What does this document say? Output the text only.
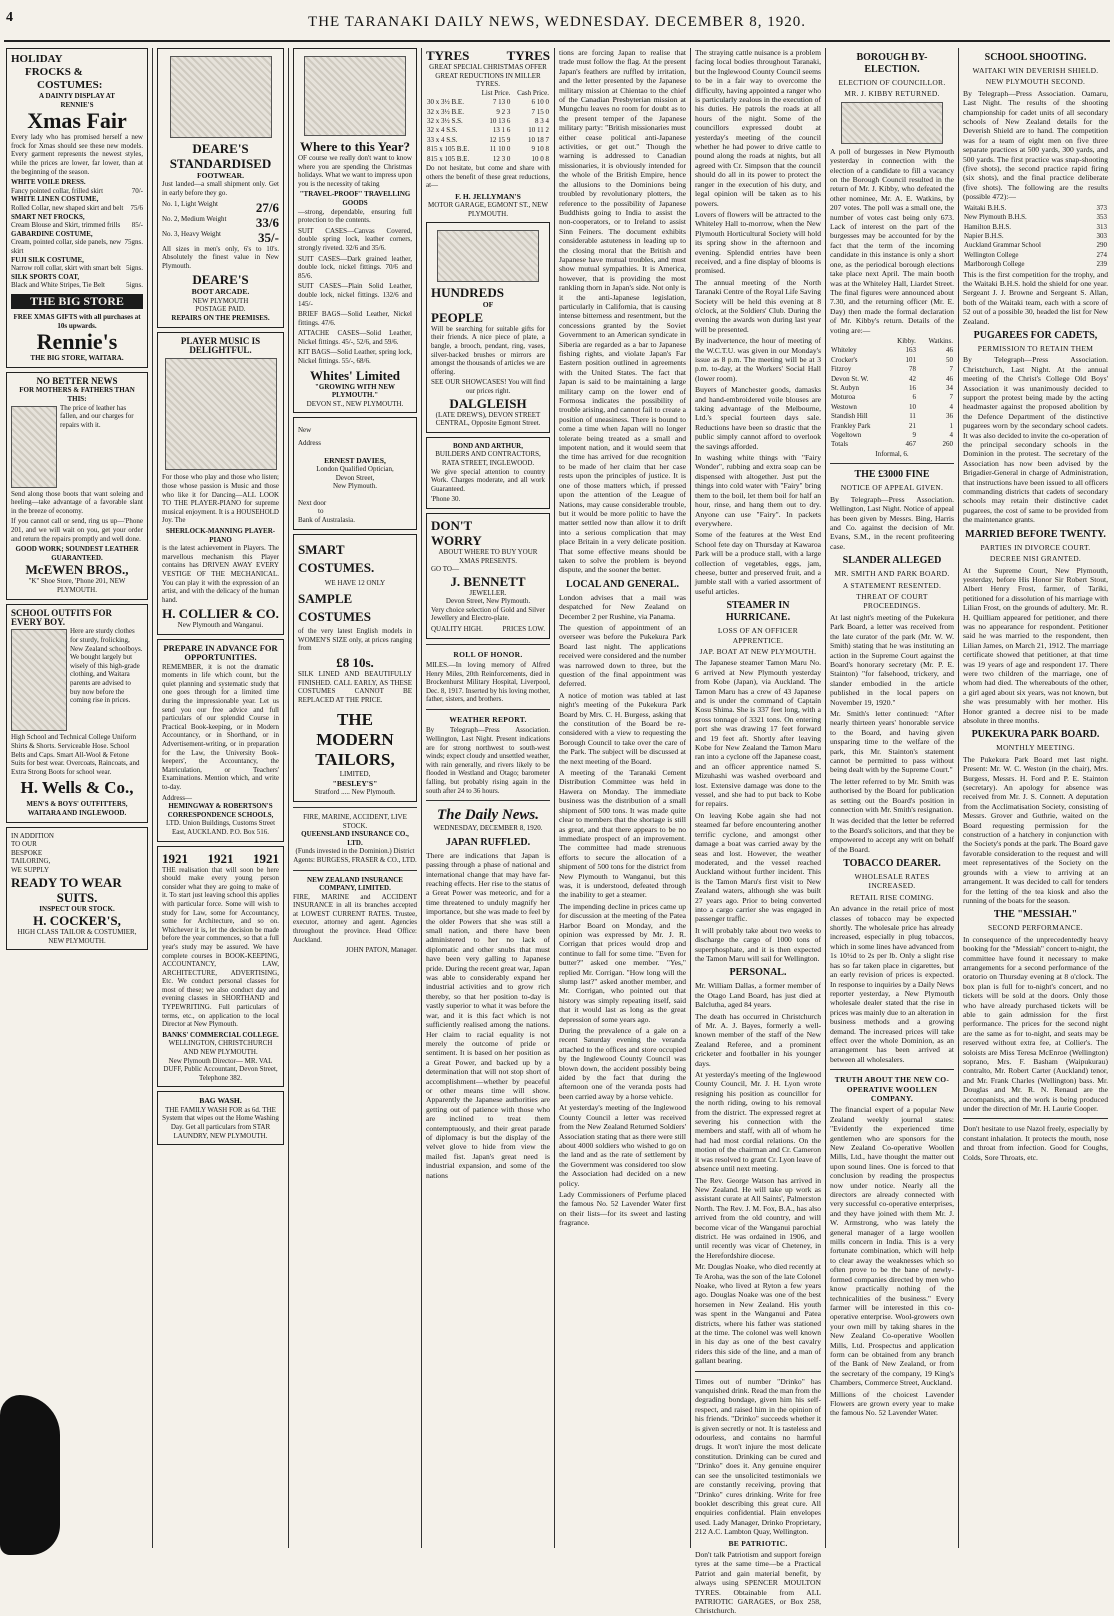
4	THE TARANAKI DAILY NEWS, WEDNESDAY. DECEMBER 8, 1920.
HOLIDAY
FROCKS &
COSTUMES:
A DAINTY DISPLAY AT
RENNIE'S
Xmas Fair
Every lady who has promised herself a new frock for Xmas should see these new models. Every garment represents the newest styles, while the prices are lower, far lower, than at the beginning of the season.
WHITE VOILE DRESS.
Fancy pointed collar, frilled skirt	70/-
WHITE LINEN COSTUME,
Rolled Collar, new shaped skirt and belt 75/6
SMART NET FROCKS,
Cream Blouse and Skirt, trimmed frills 85/-
GABARDINE COSTUME,
Cream, pointed collar, side panels, new skirt
75gns.
FUJI SILK COSTUME,
Narrow roll collar, skirt with smart belt 5igns.
SILK SPORTS COAT,
Black and White Stripes, Tie Belt	5igns.
THE BIG STORE
FREE XMAS GIFTS with all purchases at 10s upwards.
Rennie's
THE BIG STORE, WAITARA.
NO BETTER NEWS
FOR MOTHERS & FATHERS THAN THIS:
The price of leather has fallen, and our charges for repairs with it.
Send along those boots that want soleing and heeling—take advantage of a favorable slant in the breeze of economy.
If you cannot call or send, ring us up—'Phone 201, and we will wait on you, get your order and return the repairs promptly and well done.
GOOD WORK; SOUNDEST LEATHER GUARANTEED.
McEWEN BROS.,
"K" Shoe Store, 'Phone 201, NEW PLYMOUTH.
SCHOOL OUTFITS FOR EVERY BOY.
Here are sturdy clothes for sturdy, frolicking, New Zealand schoolboys. We bought largely but wisely of this high-grade clothing, and Waitara parents are advised to buy now before the coming rise in prices.
High School and Technical College Uniform Shirts & Shorts. Serviceable Hose. School Belts and Caps. Smart All-Wool & Fetone Suits for best wear. Overcoats, Raincoats, and Extra Strong Boots for school wear.
H. Wells & Co.,
MEN'S & BOYS' OUTFITTERS, WAITARA AND INGLEWOOD.
IN ADDITION
TO OUR
BESPOKE
TAILORING,
WE SUPPLY
READY TO WEAR
SUITS.
INSPECT OUR STOCK.
H. COCKER'S,
HIGH CLASS TAILOR & COSTUMIER, NEW PLYMOUTH.
DEARE'S
STANDARDISED
FOOTWEAR.
Just landed—a small shipment only. Get in early before they go.
No. 1, Light Weight	27/6
No. 2, Medium Weight 33/6
No. 3, Heavy Weight	35/-
All sizes in men's only, 6's to 10's. Absolutely the finest value in New Plymouth.
DEARE'S
BOOT ARCADE.
NEW PLYMOUTH
POSTAGE PAID.
REPAIRS ON THE PREMISES.
PLAYER MUSIC IS DELIGHTFUL.
For those who play and those who listen; those whose passion is Music and those who like it for Dancing—ALL LOOK TO THE PLAYER-PIANO for supreme musical enjoyment. It is a HOUSEHOLD Joy. The
SHERLOCK-MANNING PLAYER-PIANO
is the latest achievement in Players. The marvellous mechanism this Player contains has DRIVEN AWAY EVERY VESTIGE OF THE MECHANICAL. You can play it with the expression of an artist, and with the delicacy of the human hand.
H. COLLIER & CO.
New Plymouth and Wanganui.
PREPARE IN ADVANCE FOR OPPORTUNITIES.
REMEMBER, it is not the dramatic moments in life which count, but the quiet planning and systematic study that one goes through for a limited time during the impressionable year. Let us send you our free advice and full particulars of our splendid Course in Practical Book-keeping, or in Modern Accountancy, or in Shorthand, or in Advertisement-writing, or in preparation for the Law, the University Book-keepers', the Accountancy, the Matriculation, or Teachers' Examinations. Mention which, and write to-day.
Address—
HEMINGWAY & ROBERTSON'S CORRESPONDENCE SCHOOLS,
LTD. Union Buildings, Customs Street East, AUCKLAND. P.O. Box 516.
1921 1921 1921
THE realisation that will soon be here should make every young person consider what they are going to make of it. To start just leaving school this applies with particular force. Some will wish to study for Law, some for Accountancy, some for Architecture, and so on. Whichever it is, let the decision be made before the year commences, so that a full year's study may be assured. We have complete courses in BOOK-KEEPING, ACCOUNTANCY, LAW, ARCHITECTURE, ADVERTISING, Etc. We conduct personal classes for most of these; we also conduct day and evening classes in SHORTHAND and TYPEWRITING. Full particulars of terms, etc., on application to the local Director at New Plymouth.
BANKS' COMMERCIAL COLLEGE.
WELLINGTON, CHRISTCHURCH AND NEW PLYMOUTH.
New Plymouth Director— MR. VAL DUFF, Public Accountant, Devon Street, Telephone 382.
BAG WASH.
THE FAMILY WASH FOR as 6d. THE System that wipes out the Home Washing Day. Get all particulars from STAR LAUNDRY, NEW PLYMOUTH.
Where to this Year?
OF course we really don't want to know where you are spending the Christmas holidays. What we want to impress upon you is the necessity of taking
"TRAVEL-PROOF" TRAVELLING GOODS
—strong, dependable, ensuring full protection to the contents.
SUIT CASES—Canvas Covered, double spring lock, leather corners, strongly riveted. 32/6 and 35/6.
SUIT CASES—Dark grained leather, double lock, nickel fittings. 70/6 and 85/6.
SUIT CASES—Plain Solid Leather, double lock, nickel fittings. 132/6 and 145/-
BRIEF BAGS—Solid Leather, Nickel fittings. 47/6.
ATTACHE CASES—Solid Leather, Nickel fittings. 45/-, 52/6, and 59/6.
KIT BAGS—Solid Leather, spring lock, Nickel fittings. 55/-, 68/6.
Whites' Limited
"GROWING WITH NEW PLYMOUTH."
DEVON ST., NEW PLYMOUTH.
New
Address
ERNEST DAVIES,
London Qualified Optician,
Devon Street,
New Plymouth.
Next door
to
Bank of Australasia.
SMART
COSTUMES.
WE HAVE 12 ONLY
SAMPLE
COSTUMES
of the very latest English models in WOMEN'S SIZE only, at prices ranging from
£8 10s.
SILK LINED AND BEAUTIFULLY FINISHED. CALL EARLY, AS THESE COSTUMES CANNOT BE REPLACED AT THE PRICE.
THE MODERN TAILORS,
LIMITED,
"BESLEY'S"
Stratford ..... New Plymouth.
FIRE, MARINE, ACCIDENT, LIVE STOCK.
QUEENSLAND INSURANCE CO., LTD.
(Funds invested in the Dominion.) District Agents: BURGESS, FRASER & CO., LTD.
NEW ZEALAND INSURANCE COMPANY, LIMITED.
FIRE, MARINE and ACCIDENT INSURANCE in all its branches accepted at LOWEST CURRENT RATES. Trustee, executor, attorney and agent. Agencies throughout the province. Head Office: Auckland.
JOHN PATON, Manager.
TYRES	TYRES
GREAT SPECIAL CHRISTMAS OFFER GREAT REDUCTIONS IN MILLER TYRES.
	List Price.	Cash Price.
30 x 3½ B.E.	7 13 0	6 10 0
32 x 3½ B.E.	9 2 3	7 15 0
32 x 3½ S.S.	10 13 6	8 3 4
32 x 4 S.S.	13 1 6	10 11 2
33 x 4 S.S.	12 15 9	10 18 7
815 x 105 B.E.	11 10 0	9 10 8
815 x 105 B.E.	12 3 0	10 0 8
Do not hesitate, but come and share with others the benefit of these great reductions, at—
F. H. JELLYMAN'S
MOTOR GARAGE, EGMONT ST., NEW PLYMOUTH.
HUNDREDS
OF
PEOPLE
Will be searching for suitable gifts for their friends. A nice piece of plate, a bangle, a brooch, pendant, ring, vases, silver-backed brushes or mirrors are amongst the thousands of articles we are offering.
SEE OUR SHOWCASES! You will find our prices right.
DALGLEISH
(LATE DREW'S), DEVON STREET CENTRAL, Opposite Egmont Street.
BOND AND ARTHUR,
BUILDERS AND CONTRACTORS, RATA STREET, INGLEWOOD.
We give special attention to country Work. Charges moderate, and all work Guaranteed.
'Phone 30.
DON'T
WORRY
ABOUT WHERE TO BUY YOUR XMAS PRESENTS.
GO TO—
J. BENNETT
JEWELLER.
Devon Street, New Plymouth.
Very choice selection of Gold and Silver Jewellery and Electro-plate.
QUALITY HIGH.	PRICES LOW.
ROLL OF HONOR.
MILES.—In loving memory of Alfred Henry Miles, 20th Reinforcements, died in Brockenhurst Military Hospital, Liverpool, Dec. 8, 1917. Inserted by his loving mother, father, sisters, and brothers.
WEATHER REPORT.
By Telegraph—Press Association. Wellington, Last Night. Present indications are for strong northwest to south-west winds; expect cloudy and unsettled weather, with rain generally, and rivers likely to be flooded in Westland and Otago; barometer falling, but probably rising again in the south after 24 to 36 hours.
The Daily News.
WEDNESDAY, DECEMBER 8, 1920.
JAPAN RUFFLED.
There are indications that Japan is passing through a phase of national and international change that may have far-reaching effects. Her rise to the status of a Great Power was meteoric, and for a time threatened to unduly magnify her importance, but she was made to feel by the older Powers that she was still a small nation, and there have been administered to her no lack of diplomatic and other snubs that must have been very galling to Japanese pride. During the recent great war, Japan was able to considerably expand her industrial activities and to grow rich thereby, so that her position to-day is vastly superior to what it was before the war, and it is this fact which is not sufficiently realised among the nations. Her claim to racial equality is not merely the outcome of pride or sentiment. It is based on her position as a Great Power, and backed up by a determination that will not stop short of accomplishment—whether by peaceful or other means time will show. Apparently the Japanese authorities are getting out of patience with those who are inclined to treat them contemptuously, and their great parade of diplomacy is but the display of the velvet glove to hide from view the mailed fist. Japan's great need is industrial expansion, and some of the nations
tions are forcing Japan to realise that trade must follow the flag. At the present Japan's feathers are ruffled by irritation, and the letter presented by the Japanese military mission at Chientao to the chief of the Canadian Presbyterian mission at Mungchu leaves no room for doubt as to the present temper of the Japanese military party: "British missionaries must either cease political anti-Japanese activities, or get out." Though the warning is addressed to Canadian missionaries, it is obviously intended for the whole of the British Empire, hence the allusions to the Dominions being troubled by revolutionary plotters, the reference to the possibility of Japanese Buddhists going to India to assist the non-cooperators, or to Ireland to assist Sinn Feiners. The document exhibits considerable astuteness in leading up to the closing moral that the British and Japanese have mutual troubles, and must show mutual sympathies. It is America, however, that is providing the most rankling thorn in Japan's side. Not only is it the anti-Japanese legislation, particularly in California, that is causing intense bitterness and resentment, but the concessions granted by the Soviet Government to an American syndicate in Siberia are regarded as a bar to Japanese fishing rights, and violate Japan's Far Eastern position outlined in agreements with the United States. The fact that Japan is said to be maintaining a large military camp on the lower end of Formosa indicates the possibility of trouble arising, and cannot fail to create a position of uneasiness. There is bound to come a time when Japan will no longer tolerate being treated as a small and impotent nation, and it would seem that the time has arrived for due recognition to be made of her claim that her case rests upon the principles of justice. It is one of those matters which, if pressed upon the attention of the League of Nations, may cause considerable trouble, but it would be more politic to have the matter settled now than allow it to drift into a serious complication that may place Britain in a very delicate position. That some effective means should be taken to solve the problem is beyond dispute, and the sooner the better.
LOCAL AND GENERAL.
London advises that a mail was despatched for New Zealand on December 2 per Rushine, via Panama.
The question of appointment of an overseer was before the Pukekura Park Board last night. The applications received were considered and the number was narrowed down to three, but the question of the final appointment was deferred.
A notice of motion was tabled at last night's meeting of the Pukekura Park Board by Mrs. C. H. Burgess, asking that the constitution of the Board be re-considered with a view to requesting the Borough Council to take over the care of the Park. The subject will be discussed at the next meeting of the Board.
A meeting of the Taranaki Cement Distribution Committee was held in Hawera on Monday. The immediate business was the distribution of a small shipment of 500 tons. It was made quite clear to members that the shortage is still as great, and that there appears to be no immediate prospect of an improvement. The committee had made strenuous efforts to secure the allocation of a shipment of 500 tons for the district from New Plymouth to Wanganui, but this was, it is understood, defeated through the inability to get a steamer.
The impending decline in prices came up for discussion at the meeting of the Patea Harbor Board on Monday, and the opinion was expressed by Mr. J. R. Corrigan that prices would drop and continue to fall for some time. "Even for butter?" asked one member. "Yes," replied Mr. Corrigan. "How long will the slump last?" asked another member, and Mr. Corrigan, who pointed out that history was simply repeating itself, said that it would last as long as the great depression of some years ago.
During the prevalence of a gale on a recent Saturday evening the veranda attached to the offices and store occupied by the Inglewood County Council was blown down, the accident possibly being aided by the fact that during the afternoon one of the veranda posts had been carried away by a horse vehicle.
At yesterday's meeting of the Inglewood County Council a letter was received from the New Zealand Returned Soldiers' Association stating that as there were still about 4000 soldiers who wished to go on the land and as the rate of settlement by the Government was considered too slow the Association had decided on a new policy.
Lady Commissioners of Perfume placed the famous No. 52 Lavender Water first on their lists—for its sweet and lasting fragrance.
The straying cattle nuisance is a problem facing local bodies throughout Taranaki, but the Inglewood County Council seems to be in a fair way to overcome the difficulty, having appointed a ranger who is particularly zealous in the execution of his duties. He patrols the roads at all hours of the night. Some of the councillors expressed doubt at yesterday's meeting of the council whether he had power to drive cattle to pound along the roads at nights, but all agreed with Cr. Simpson that the council should do all in its power to protect the ranger in the execution of his duty, and legal opinion will be taken as to his powers.
Lovers of flowers will be attracted to the Whiteley Hall to-morrow, when the New Plymouth Horticultural Society will hold its spring show in the afternoon and evening. Splendid entries have been received, and a fine display of blooms is promised.
The annual meeting of the North Taranaki Centre of the Royal Life Saving Society will be held this evening at 8 o'clock, at the Soldiers' Club. During the evening the awards won during last year will be presented.
By inadvertence, the hour of meeting of the W.C.T.U. was given in our Monday's issue as 8 p.m. The meeting will be at 3 p.m. to-day, at the Workers' Social Hall (lower room).
Buyers of Manchester goods, damasks and hand-embroidered voile blouses are taking advantage of the Melbourne, Ltd.'s special fourteen days sale. Reductions have been so drastic that the public simply cannot afford to overlook the savings afforded.
In washing white things with "Fairy Wonder", rubbing and extra soap can be dispensed with altogether. Just put the things into cold water with "Fairy" bring them to the boil, let them boil for half an hour, rinse, and hang them out to dry. Anyone can use "Fairy". In packets everywhere.
Some of the features at the West End School fete day on Thursday at Kawaroa Park will be a produce stall, with a large collection of vegetables, eggs, jam, cheese, butter and preserved fruit, and a jumble stall with a varied assortment of useful articles.
STEAMER IN HURRICANE.
LOSS OF AN OFFICER APPRENTICE.
JAP. BOAT AT NEW PLYMOUTH.
The Japanese steamer Tamon Maru No. 6 arrived at New Plymouth yesterday from Kobe (Japan), via Auckland. The Tamon Maru has a crew of 43 Japanese and is under the command of Captain Kosu Shima. She is 337 feet long, with a gross tonnage of 3321 tons. On entering port she was drawing 17 feet forward and 19 feet aft. Shortly after leaving Kobe for New Zealand the Tamon Maru ran into a cyclone off the Japanese coast, and an officer apprentice named S. Mizuhashi was washed overboard and lost. Extensive damage was done to the vessel, and she had to put back to Kobe for repairs.
On leaving Kobe again she had not steamed far before encountering another terrific cyclone, and amongst other damage a boat was carried away by the seas and lost. However, the weather moderated, and the vessel reached Auckland without further incident. This is the Tamon Maru's first visit to New Zealand waters, although she was built 27 years ago. Prior to being converted into a cargo carrier she was engaged in passenger traffic.
It will probably take about two weeks to discharge the cargo of 1000 tons of superphosphate, and it is then expected the Tamon Maru will sail for Wellington.
PERSONAL.
Mr. William Dallas, a former member of the Otago Land Board, has just died at Balclutha, aged 84 years.
The death has occurred in Christchurch of Mr. A. J. Bayes, formerly a well-known member of the staff of the New Zealand Referee, and a prominent cricketer and footballer in his younger days.
At yesterday's meeting of the Inglewood County Council, Mr. J. H. Lyon wrote resigning his position as councillor for the north riding, owing to his removal from the district. The expressed regret at severing his connection with the members and staff, with all of whom he had had most cordial relations. On the motion of the chairman and Cr. Cameron it was resolved to grant Cr. Lyon leave of absence until next meeting.
The Rev. George Watson has arrived in New Zealand. He will take up work as assistant curate at All Saints', Palmerston North. The Rev. J. M. Fox, B.A., has also arrived from the old country, and will become vicar of the Wanganui parochial district. He was ordained in 1906, and until recently was vicar of Cheteney, in the Herefordshire diocese.
Mr. Douglas Noake, who died recently at Te Aroha, was the son of the late Colonel Noake, who lived at Ryton a few years ago. Douglas Noake was one of the best horsemen in New Zealand. His youth was spent in the Wanganui and Patea districts, where his father was stationed at the time. The colonel was well known in his day as one of the best cavalry riders this side of the line, and a man of gallant bearing.
Times out of number "Drinko" has vanquished drink. Read the man from the degrading bondage, given him his self-respect, and raised him in the opinion of his friends. "Drinko" succeeds whether it is given secretly or not. It is tasteless and odourless, and contains no harmful drugs. It won't injure the most delicate constitution. Drinking can be cured and "Drinko" does it. Any genuine enquirer can see the unsolicited testimonials we are constantly receiving, proving that "Drinko" cures drinking. Write for free booklet describing this great cure. All enquiries confidential. Plain envelopes used. Lady Manager, Drinko Proprietary, 212 A.C. Lambton Quay, Wellington.
BE PATRIOTIC.
Don't talk Patriotism and support foreign tyres at the same time—be a Practical Patriot and gain material benefit, by always using SPENCER MOULTON TYRES. Obtainable from ALL PATRIOTIC GARAGES, or Box 258, Christchurch.
BOROUGH BY-ELECTION.
ELECTION OF COUNCILLOR.
MR. J. KIBBY RETURNED.
A poll of burgesses in New Plymouth yesterday in connection with the election of a candidate to fill a vacancy on the Borough Council resulted in the return of Mr. J. Kibby, who defeated the other nominee, Mr. A. E. Watkins, by 207 votes. The poll was a small one, the number of votes cast being only 673. Lack of interest on the part of the burgesses may be accounted for by the fact that the term of the incoming candidate in this instance is only a short one, as the periodical borough elections take place next April. The main booth was at the Whiteley Hall, Liardet Street. The final figures were announced about 7.30, and the returning officer (Mr. E. Day) then made the formal declaration of Mr. Kibby's return. Details of the voting are:—
	Kibby.	Watkins.
Whiteley	163	46
Crocker's	101	50
Fitzroy	78	7
Devon St. W.	42	46
St. Aubyn	16	34
Moturoa	6	7
Westown	10	4
Standish Hill	11	36
Frankley Park	21	1
Vogeltown	9	4
Totals	467	260
Informal, 6.
THE £3000 FINE
NOTICE OF APPEAL GIVEN.
By Telegraph—Press Association. Wellington, Last Night. Notice of appeal has been given by Messrs. Bing, Harris and Co. against the decision of Mr. Evans, S.M., in the recent profiteering case.
SLANDER ALLEGED
MR. SMITH AND PARK BOARD.
A STATEMENT RESENTED.
THREAT OF COURT PROCEEDINGS.
At last night's meeting of the Pukekura Park Board, a letter was received from the late curator of the park (Mr. W. W. Smith) stating that he was instituting an action in the Supreme Court against the Board's honorary secretary (Mr. P. E. Stainton) "for falsehood, trickery, and slander embodied in the article published in the local papers on November 19, 1920."
Mr. Smith's letter continued: "After nearly thirteen years' honorable service to the Board, and having given unsparing time to the welfare of the park, this Mr. Stainton's statement cannot be permitted to pass without being dealt with by the Supreme Court."
The letter referred to by Mr. Smith was authorised by the Board for publication as setting out the Board's position in connection with Mr. Smith's resignation.
It was decided that the letter be referred to the Board's solicitors, and that they be empowered to accept any writ on behalf of the Board.
TOBACCO DEARER.
WHOLESALE RATES INCREASED.
RETAIL RISE COMING.
An advance in the retail price of most classes of tobacco may be expected shortly. The wholesale price has already increased, especially in plug tobaccos, which in some lines have advanced from 1s 10½d to 2s per lb. Only a slight rise has so far taken place in cigarettes, but an early revision of prices is expected. In response to inquiries by a Daily News reporter yesterday, a New Plymouth wholesale dealer stated that the rise in prices was mainly due to an alteration in business methods and a growing demand. The increased prices will take effect over the whole Dominion, as an arrangement has been arrived at between all wholesalers.
TRUTH ABOUT THE NEW CO-OPERATIVE WOOLLEN COMPANY.
The financial expert of a popular New Zealand weekly journal states: "Evidently the experienced time gentlemen who are sponsors for the New Zealand Co-operative Woollen Mills, Ltd., have thought the matter out upon sound lines. One is forced to that conclusion by reading the prospectus now under notice. Nearly all the directors are already connected with very successful co-operative enterprises, and they have joined with them Mr. J. W. Armstrong, who was lately the general manager of a large woollen mills concern in India. This is a very fortunate combination, which will help to clear away the weaknesses which so often prove to be the bane of newly-formed companies directed by men who know practically nothing of the technicalities of the business." Every farmer will be interested in this co-operative enterprise. Wool-growers own your own mill by taking shares in the New Zealand Co-operative Woollen Mills, Ltd. Prospectus and application form can be obtained from any branch of the Bank of New Zealand, or from the secretary of the company, 19 King's Chambers, Commerce Street, Auckland.
Millions of the choicest Lavender Flowers are grown every year to make the famous No. 52 Lavender Water.
SCHOOL SHOOTING.
WAITAKI WIN DEVERISH SHIELD.
NEW PLYMOUTH SECOND.
By Telegraph—Press Association. Oamaru, Last Night. The results of the shooting championship for cadet units of all secondary schools of New Zealand details for the Deverish Shield are to hand. The competition was for a team of eight men on five three separate practices at 500 yards, 300 yards, and 500 yards. The first practice was snap-shooting (five shots), the second practice rapid firing (six shots), and the final practice deliberate (five shots). The following are the results (possible 472):—
Waitaki B.H.S.	373
New Plymouth B.H.S.	353
Hamilton B.H.S.	313
Napier B.H.S.	303
Auckland Grammar School	290
Wellington College	274
Marlborough College	239
This is the first competition for the trophy, and the Waitaki B.H.S. hold the shield for one year. Sergeant J. J. Browne and Sergeant S. Allan, both of the Waitaki team, each with a score of 52 out of a possible 30, headed the list for New Zealand.
PUGAREES FOR CADETS,
PERMISSION TO RETAIN THEM
By Telegraph—Press Association. Christchurch, Last Night. At the annual meeting of the Christ's College Old Boys' Association it was unanimously decided to support the protest being made by the acting headmaster against the proposed abolition by the Defence Department of the distinctive pugarees worn by the secondary school cadets. It was also decided to invite the co-operation of the principal secondary schools in the Dominion in the protest. The secretary of the Association has now been advised by the Brigadier-General in charge of Administration, that instructions have been issued to all officers commanding districts that cadets of secondary schools may retain their distinctive cadet pugarees, the cost of same to be provided from the maintenance grants.
MARRIED BEFORE TWENTY.
PARTIES IN DIVORCE COURT.
DECREE NISI GRANTED.
At the Supreme Court, New Plymouth, yesterday, before His Honor Sir Robert Stout, Albert Henry Frost, farmer, of Tariki, petitioned for a dissolution of his marriage with Lilian Frost, on the grounds of adultery. Mr. R. H. Quilliam appeared for petitioner, and there was no appearance for respondent. Petitioner said he was married to the respondent, then Lilian James, on March 21, 1912. The marriage certificate showed that petitioner, at that time was 19 years of age and respondent 17. There were two children of the marriage, one of whom had died. The whereabouts of the other, a girl aged about six years, was not known, but she was presumably with her mother. His Honor granted a decree nisi to be made absolute in three months.
PUKEKURA PARK BOARD.
MONTHLY MEETING.
The Pukekura Park Board met last night. Present: Mr. W. C. Weston (in the chair), Mrs. Burgess, Messrs. H. Ford and P. E. Stainton (secretary). An apology for absence was received from Mr. J. S. Connett. A deputation from the Acclimatisation Society, consisting of Messrs. Grover and Guthrie, waited on the Board requesting permission for the construction of a hatchery in conjunction with the Society's ponds at the park. The Board gave favorable consideration to the request and will meet representatives of the Society on the grounds with a view to arriving at an arrangement. It was decided to call for tenders for the letting of the tea kiosk and also the running of the boats for the season.
THE "MESSIAH."
SECOND PERFORMANCE.
In consequence of the unprecedentedly heavy booking for the "Messiah" concert to-night, the committee have found it necessary to make arrangements for a second performance of the oratorio on Thursday evening at 8 o'clock. The box plan is full for to-night's concert, and no tickets will be sold at the doors. Only those who have already purchased tickets will be able to gain admission for the first performance. The prices for the second night are the same as for to-night, and seats may be reserved without extra fee, at Collier's. The soloists are Miss Teresa McEnroe (Wellington) soprano, Mrs. F. Basham (Waipukurau) contralto, Mr. Robert Carter (Auckland) tenor, and Mr. Frank Charles (Wellington) bass. Mr. Douglas and Mr. R. N. Renaud are the accompanists, and the work is being produced under the direction of Mr. H. Laurie Cooper.
Don't hesitate to use Nazol freely, especially by constant inhalation. It protects the mouth, nose and throat from infection. Good for Coughs, Colds, Sore Throats, etc.
